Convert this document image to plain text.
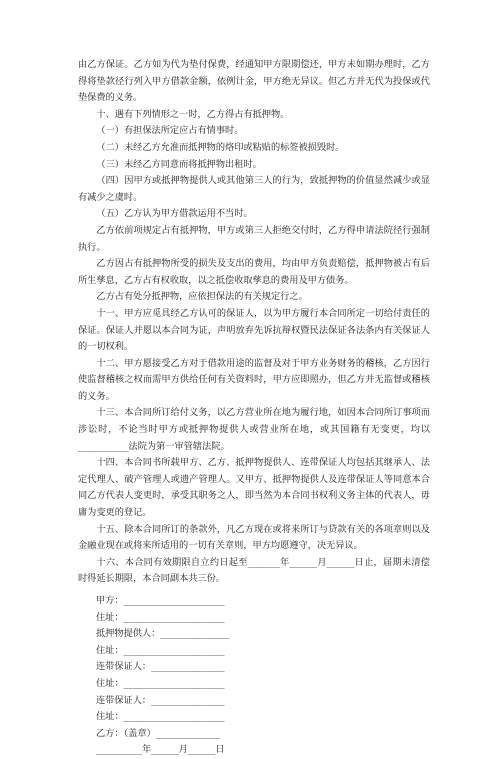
由乙方保证。乙方如为代为垫付保费，经通知甲方限期偿还，甲方未如期办理时，乙方得将垫款径行列入甲方借款金额，依例计金，甲方绝无异议。但乙方并无代为投保或代垫保费的义务。

十、遇有下列情形之一时，乙方得占有抵押物。

（一）有担保法所定应占有情事时。

（二）未经乙方允准而抵押物的烙印或粘贴的标签被损毁时。

（三）未经乙方同意而将抵押物出租时。

（四）因甲方或抵押物提供人或其他第三人的行为，致抵押物的价值显然减少或显有减少之虞时。

（五）乙方认为甲方借款运用不当时。

乙方依前项规定占有抵押物，甲方或第三人拒绝交付时，乙方得申请法院径行强制执行。

乙方因占有抵押物所受的损失及支出的费用，均由甲方负责赔偿，抵押物被占有后所生孳息，乙方占有权收取，以之抵偿收取孳息的费用及甲方债务。

乙方占有处分抵押物，应依担保法的有关规定行之。

十一、甲方应觅具经乙方认可的保证人，以为甲方履行本合同所定一切给付责任的保证。保证人并愿以本合同为证，声明放弃先诉抗辩权暨民法保证各法条内有关保证人的一切权利。

十二、甲方愿接受乙方对于借款用途的监督及对于甲方业务财务的稽核，乙方因行使监督稽核之权而需甲方供给任何有关资料时，甲方应即照办，但乙方并无监督或稽核的义务。

十三、本合同所订给付义务，以乙方营业所在地为履行地，如因本合同所订事项而涉讼时，不论当时甲方或抵押物提供人或营业所在地，或其国籍有无变更，均以___________法院为第一审管辖法院。

十四、本合同书所载甲方、乙方、抵押物提供人、连带保证人均包括其继承人、法定代理人、破产管理人或遗产管理人。又甲方、抵押物提供人及连带保证人等同意本合同乙方代表人变更时，承受其职务之人，即当然为本合同书权利义务主体的代表人，毋庸为变更的登记。

十五、除本合同所订的条款外，凡乙方现在或将来所订与贷款有关的各项章则以及金融业现在或将来所适用的一切有关章则，甲方均愿遵守，决无异议。

十六、本合同有效期限自立约日起至_______年______月______日止，届期未清偿时得延长期限，本合同副本共三份。

甲方：______________________

住址：______________________

抵押物提供人：_______________

住址：______________________

连带保证人：________________

住址：______________________

连带保证人：________________

住址：______________________

乙方：（盖章）______________

__________年______月______日
